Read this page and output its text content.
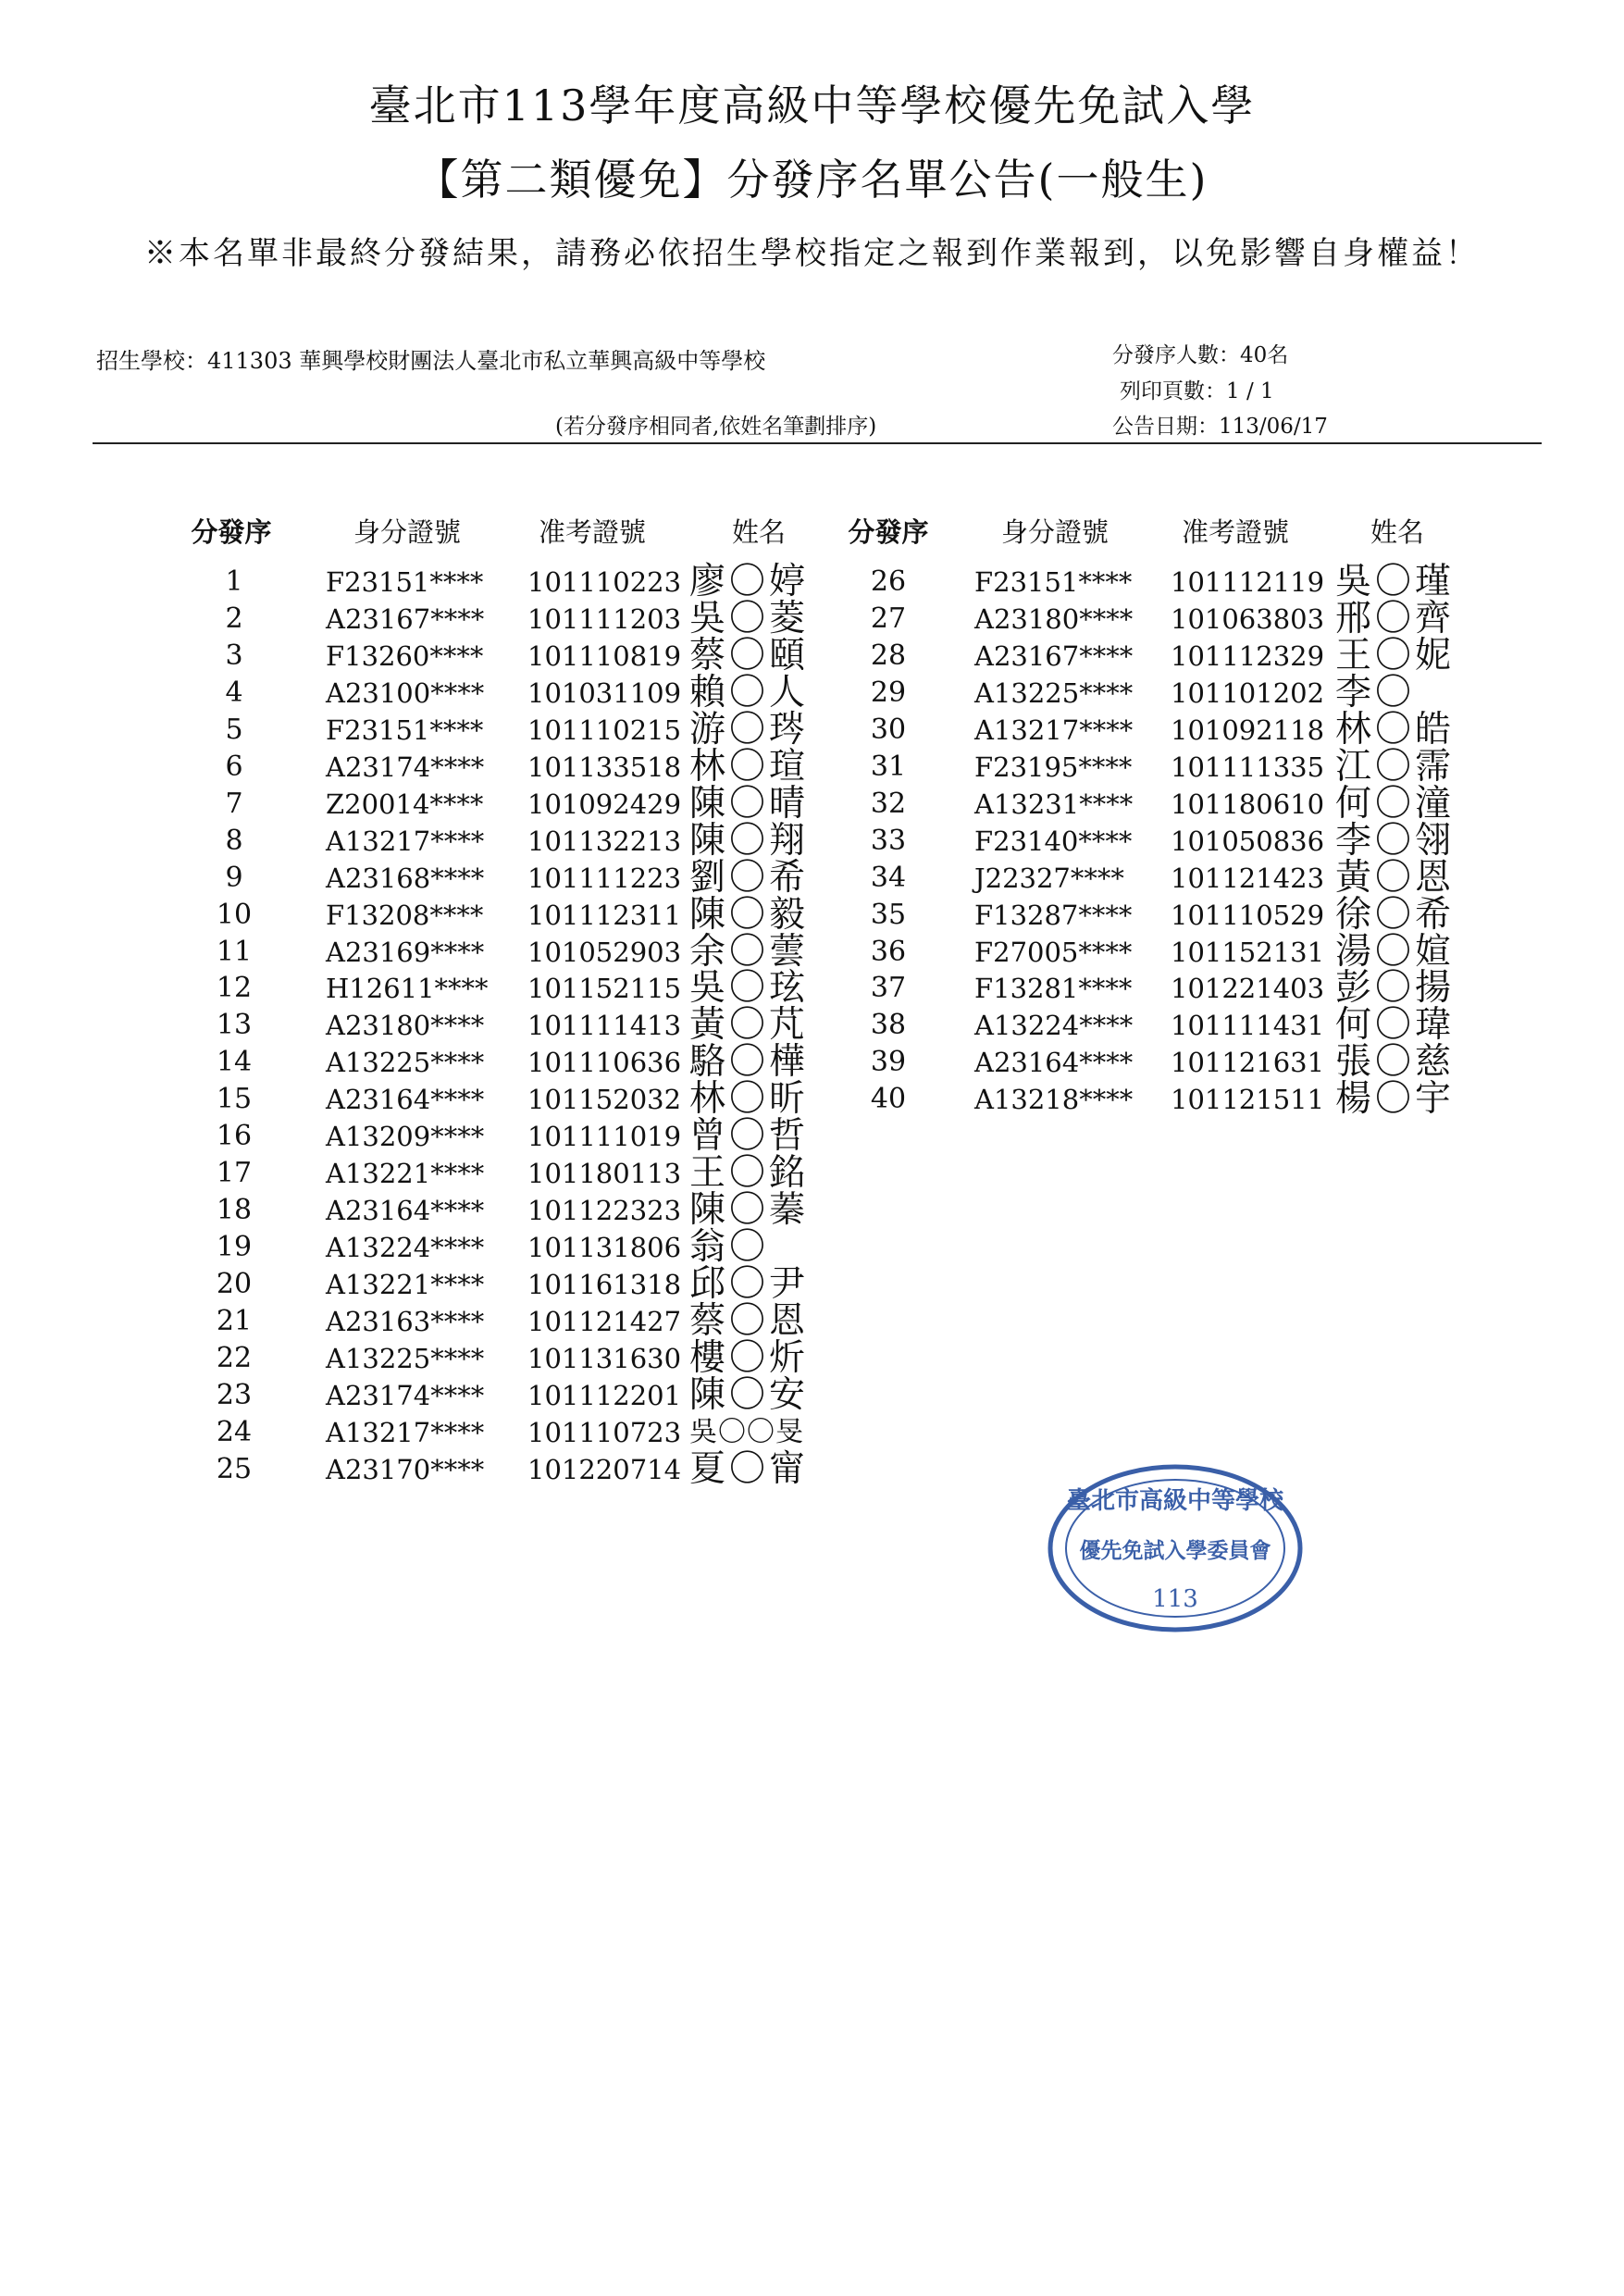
臺北市113學年度高級中等學校優先免試入學
【第二類優免】分發序名單公告(一般生)
※本名單非最終分發結果，請務必依招生學校指定之報到作業報到，以免影響自身權益！
招生學校：411303 華興學校財團法人臺北市私立華興高級中等學校	分發序人數：40名
列印頁數：1 / 1
(若分發序相同者,依姓名筆劃排序)	公告日期：113/06/17
分發序	身分證號	准考證號	姓名	分發序	身分證號	准考證號	姓名
1	F23151**** 101110223 廖〇婷
2	A23167**** 101111203 吳〇菱
3	F13260**** 101110819 蔡〇頤
4	A23100**** 101031109 賴〇人
5	F23151**** 101110215 游〇琌
6	A23174**** 101133518 林〇瑄
7	Z20014**** 101092429 陳〇晴
8	A13217**** 101132213 陳〇翔
9	A23168**** 101111223 劉〇希
10	F13208**** 101112311 陳〇毅
11	A23169**** 101052903 余〇蕓
12	H12611**** 101152115 吳〇玹
13	A23180**** 101111413 黃〇芃
14	A13225**** 101110636 駱〇樺
15	A23164**** 101152032 林〇昕
16	A13209**** 101111019 曾〇哲
17	A13221**** 101180113 王〇銘
18	A23164**** 101122323 陳〇蓁
19	A13224**** 101131806 翁〇
20	A13221**** 101161318 邱〇尹
21	A23163**** 101121427 蔡〇恩
22	A13225**** 101131630 樓〇炘
23	A23174**** 101112201 陳〇安
24	A13217**** 101110723 吳〇〇旻
25	A23170**** 101220714 夏〇甯
26	F23151**** 101112119 吳〇瑾
27	A23180**** 101063803 邢〇齊
28	A23167**** 101112329 王〇妮
29	A13225**** 101101202 李〇
30	A13217**** 101092118 林〇皓
31	F23195**** 101111335 江〇霈
32	A13231**** 101180610 何〇潼
33	F23140**** 101050836 李〇翎
34	J22327**** 101121423 黃〇恩
35	F13287**** 101110529 徐〇希
36	F27005**** 101152131 湯〇媗
37	F13281**** 101221403 彭〇揚
38	A13224**** 101111431 何〇瑋
39	A23164**** 101121631 張〇慈
40	A13218**** 101121511 楊〇宇
臺北市高級中等學校
優先免試入學委員會
113
